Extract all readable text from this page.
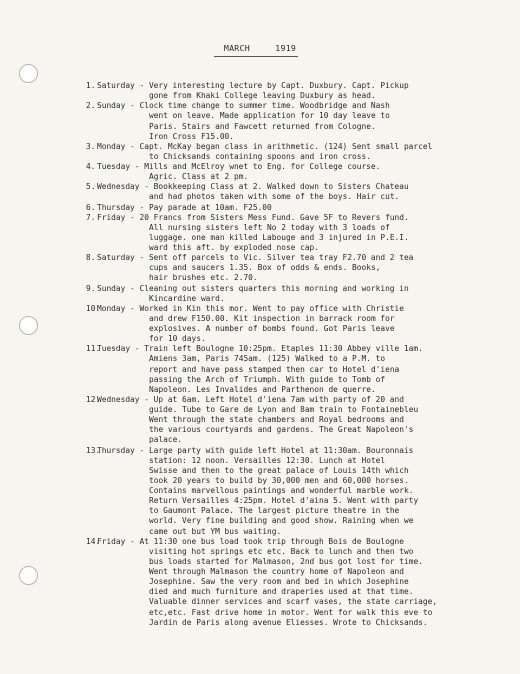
MARCH	1919
1. Saturday - Very interesting lecture by Capt. Duxbury. Capt. Pickup
gone from Khaki College leaving Duxbury as head.
2. Sunday - Clock time change to summer time. Woodbridge and Nash
went on leave. Made application for 10 day leave to
Paris. Stairs and Fawcett returned from Cologne.
Iron Cross F15.00.
3. Monday - Capt. McKay began class in arithmetic. (124) Sent small parcel
to Chicksands containing spoons and iron cross.
4. Tuesday - Mills and McElroy wnet to Eng. for College course.
Agric. Class at 2 pm.
5. Wednesday - Bookkeeping Class at 2. Walked down to Sisters Chateau
and had photos taken with some of the boys. Hair cut.
6. Thursday - Pay parade at 10am. F25.00
7. Friday - 20 Francs from Sisters Mess Fund. Gave 5F to Revers fund.
All nursing sisters left No 2 today with 3 loads of
luggage. one man killed Labouge and 3 injured in P.E.I.
ward this aft. by exploded nose cap.
8. Saturday - Sent off parcels to Vic. Silver tea tray F2.70 and 2 tea
cups and saucers 1.35. Box of odds & ends. Books,
hair brushes etc. 2.70.
9. Sunday - Cleaning out sisters quarters this morning and working in
Kincardine ward.
10.
Monday - Worked in Kin this mor. Went to pay office with Christie
and drew F150.00. Kit inspection in barrack room for
explosives. A number of bombs found. Got Paris leave
for 10 days.
11.
Tuesday - Train left Boulogne 10:25pm. Etaples 11:30 Abbey ville 1am.
Amiens 3am, Paris 745am. (125) Walked to a P.M. to
report and have pass stamped then car to Hotel d'iena
passing the Arch of Triumph. With guide to Tomb of
Napoleon. Les Invalides and Parthenon de querre.
12.
Wednesday - Up at 6am. Left Hotel d'iena 7am with party of 20 and
guide. Tube to Gare de Lyon and 8am train to Fontainebleu
Went through the state chambers and Royal bedrooms and
the various courtyards and gardens. The Great Napoleon's
palace.
13.
Thursday - Large party with guide left Hotel at 11:30am. Bouronnais
station: 12 noon. Versailles 12:30. Lunch at Hotel
Swisse and then to the great palace of Louis 14th which
took 20 years to build by 30,000 men and 60,000 horses.
Contains marvellous paintings and wonderful marble work.
Return Versailles 4:25pm. Hotel d'aina 5. Went with party
to Gaumont Palace. The largest picture theatre in the
world. Very fine building and good show. Raining when we
came out but YM bus waiting.
14.
Friday - At 11:30 one bus load took trip through Bois de Boulogne
visiting hot springs etc etc. Back to lunch and then two
bus loads started for Malmason, 2nd bus got lost for time.
Went through Malmason the country home of Napoleon and
Josephine. Saw the very room and bed in which Josephine
died and much furniture and draperies used at that time.
Valuable dinner services and scarf vases, the state carriage,
etc,etc. Fast drive home in motor. Went for walk this eve to
Jardin de Paris along avenue Eliesses. Wrote to Chicksands.
